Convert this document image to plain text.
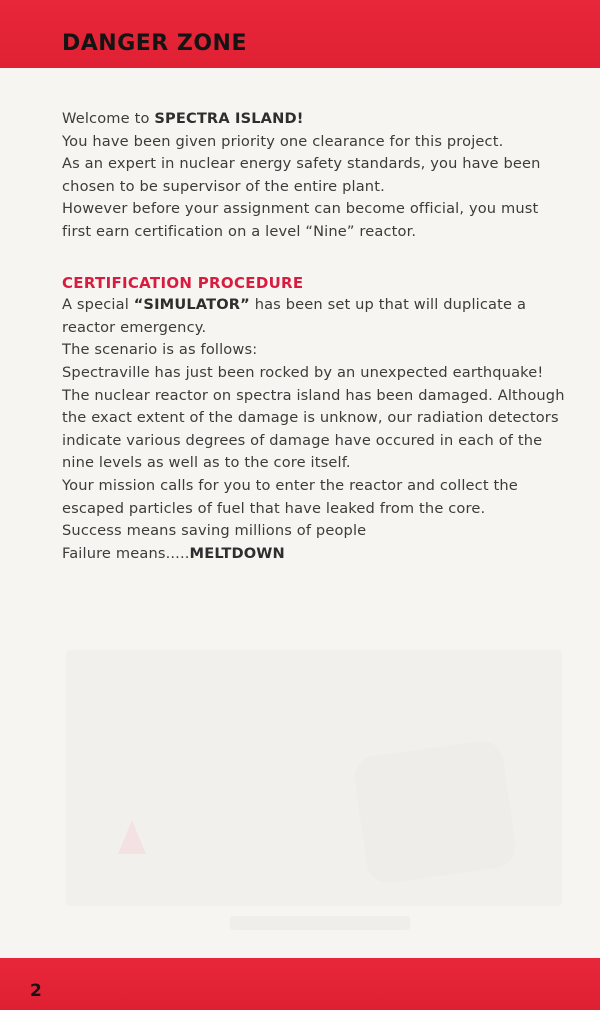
DANGER ZONE

Welcome to SPECTRA ISLAND!

You have been given priority one clearance for this project.

As an expert in nuclear energy safety standards, you have been chosen to be supervisor of the entire plant.

However before your assignment can become official, you must first earn certification on a level “Nine” reactor.

CERTIFICATION PROCEDURE

A special “SIMULATOR” has been set up that will duplicate a reactor emergency.

The scenario is as follows:

Spectraville has just been rocked by an unexpected earthquake!

The nuclear reactor on spectra island has been damaged. Although the exact extent of the damage is unknow, our radiation detectors indicate various degrees of damage have occured in each of the nine levels as well as to the core itself.

Your mission calls for you to enter the reactor and collect the escaped particles of fuel that have leaked from the core.

Success means saving millions of people

Failure means.....MELTDOWN

2
